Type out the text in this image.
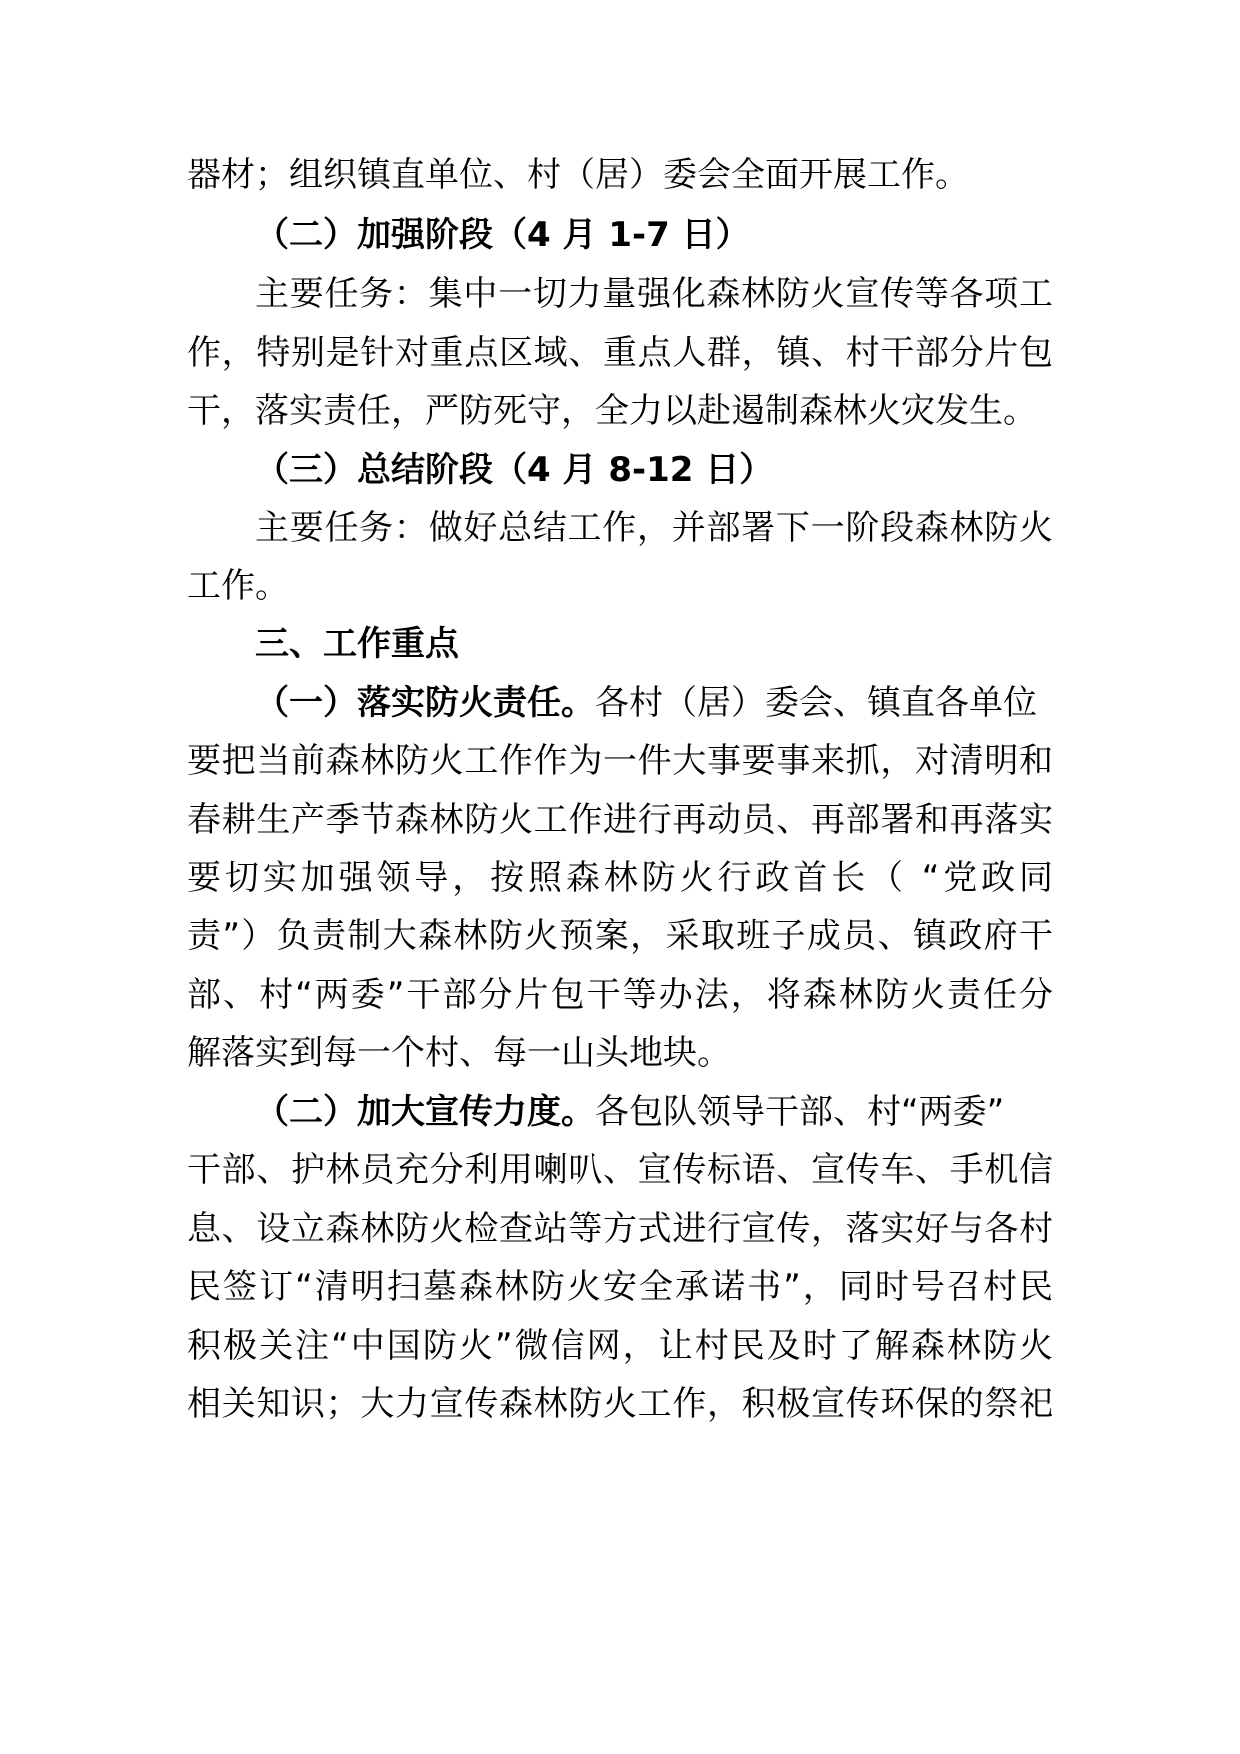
器材；组织镇直单位、村（居）委会全面开展工作。
（二）加强阶段（4 月 1-7 日）
主要任务：集中一切力量强化森林防火宣传等各项工
作，特别是针对重点区域、重点人群，镇、村干部分片包
干，落实责任，严防死守，全力以赴遏制森林火灾发生。
（三）总结阶段（4 月 8-12 日）
主要任务：做好总结工作，并部署下一阶段森林防火
工作。
三、工作重点
（一）落实防火责任。各村（居）委会、镇直各单位
要把当前森林防火工作作为一件大事要事来抓，对清明和
春耕生产季节森林防火工作进行再动员、再部署和再落实
要切实加强领导，按照森林防火行政首长（ “党政同
责”）负责制大森林防火预案，采取班子成员、镇政府干
部、村“两委”干部分片包干等办法，将森林防火责任分
解落实到每一个村、每一山头地块。
（二）加大宣传力度。各包队领导干部、村“两委”
干部、护林员充分利用喇叭、宣传标语、宣传车、手机信
息、设立森林防火检查站等方式进行宣传，落实好与各村
民签订“清明扫墓森林防火安全承诺书”，同时号召村民
积极关注“中国防火”微信网，让村民及时了解森林防火
相关知识；大力宣传森林防火工作，积极宣传环保的祭祀
